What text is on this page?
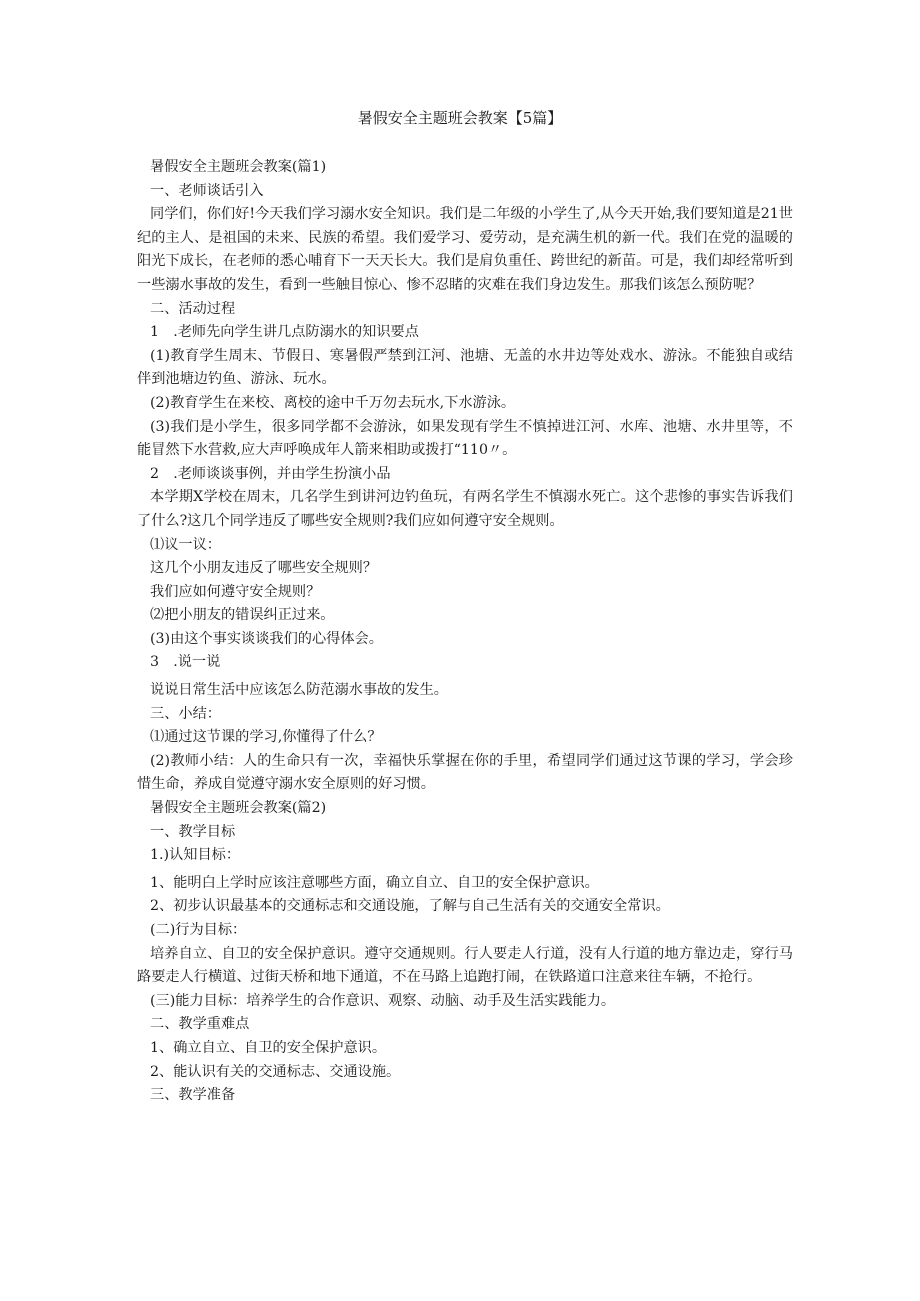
暑假安全主题班会教案【5篇】

暑假安全主题班会教案(篇1)

一、老师谈话引入

同学们，你们好!今天我们学习溺水安全知识。我们是二年级的小学生了,从今天开始,我们要知道是21世纪的主人、是祖国的未来、民族的希望。我们爱学习、爱劳动，是充满生机的新一代。我们在党的温暖的阳光下成长，在老师的悉心哺育下一天天长大。我们是肩负重任、跨世纪的新苗。可是，我们却经常听到一些溺水事故的发生，看到一些触目惊心、惨不忍睹的灾难在我们身边发生。那我们该怎么预防呢？

二、活动过程

1　.老师先向学生讲几点防溺水的知识要点

(1)教育学生周末、节假日、寒暑假严禁到江河、池塘、无盖的水井边等处戏水、游泳。不能独自或结伴到池塘边钓鱼、游泳、玩水。

(2)教育学生在来校、离校的途中千万勿去玩水,下水游泳。

(3)我们是小学生，很多同学都不会游泳，如果发现有学生不慎掉进江河、水库、池塘、水井里等，不能冒然下水营救,应大声呼唤成年人箭来相助或拨打“110〃。

2　.老师谈谈事例，并由学生扮演小品

本学期X学校在周末，几名学生到讲河边钓鱼玩，有两名学生不慎溺水死亡。这个悲惨的事实告诉我们了什么?这几个同学违反了哪些安全规则?我们应如何遵守安全规则。

⑴议一议：

这几个小朋友违反了哪些安全规则？

我们应如何遵守安全规则？

⑵把小朋友的错误纠正过来。

(3)由这个事实谈谈我们的心得体会。

3　.说一说

说说日常生活中应该怎么防范溺水事故的发生。

三、小结：

⑴通过这节课的学习,你懂得了什么？

(2)教师小结：人的生命只有一次，幸福快乐掌握在你的手里，希望同学们通过这节课的学习，学会珍惜生命，养成自觉遵守溺水安全原则的好习惯。

暑假安全主题班会教案(篇2)

一、教学目标

1.)认知目标：

1、能明白上学时应该注意哪些方面，确立自立、自卫的安全保护意识。

2、初步认识最基本的交通标志和交通设施，了解与自己生活有关的交通安全常识。

(二)行为目标：

培养自立、自卫的安全保护意识。遵守交通规则。行人要走人行道，没有人行道的地方靠边走，穿行马路要走人行横道、过街天桥和地下通道，不在马路上追跑打闹，在铁路道口注意来往车辆，不抢行。

(三)能力目标：培养学生的合作意识、观察、动脑、动手及生活实践能力。

二、教学重难点

1、确立自立、自卫的安全保护意识。

2、能认识有关的交通标志、交通设施。

三、教学准备
